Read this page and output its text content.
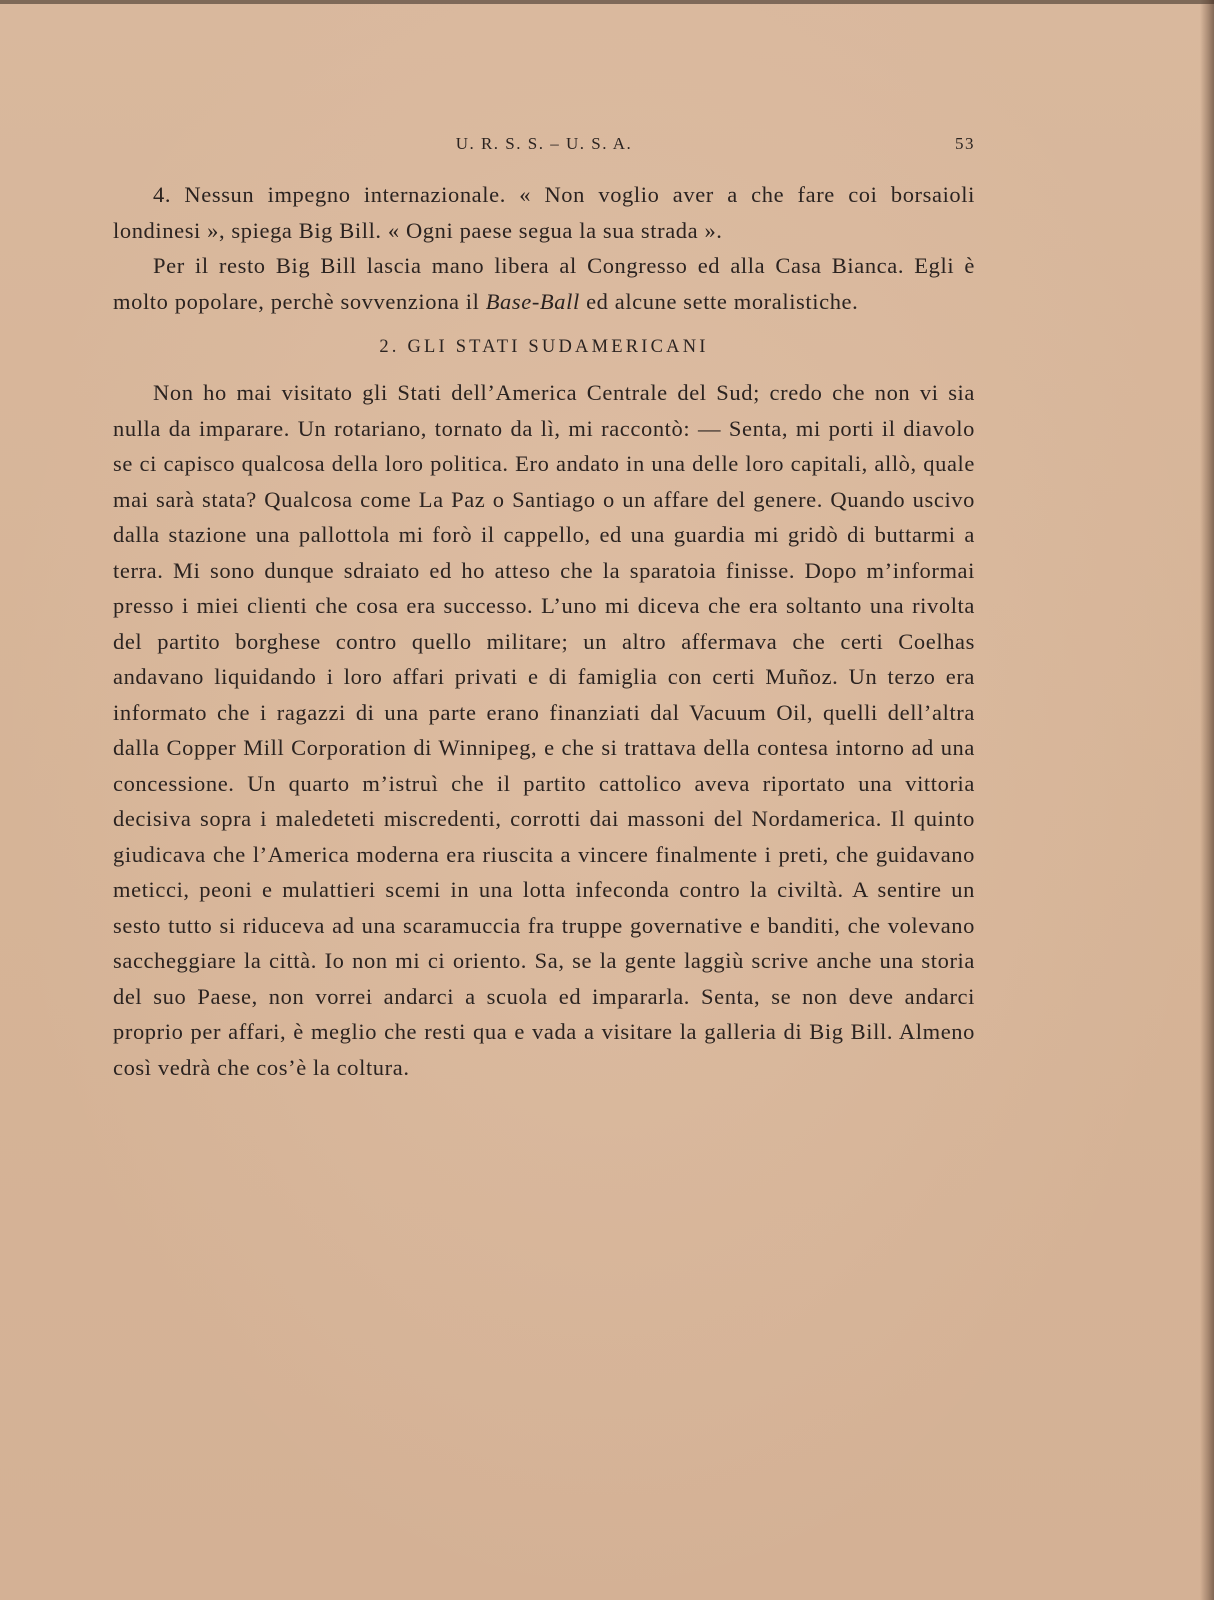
U. R. S. S. – U. S. A.	53

4. Nessun impegno internazionale. « Non voglio aver a che fare coi borsaioli londinesi », spiega Big Bill. « Ogni paese segua la sua strada ».

Per il resto Big Bill lascia mano libera al Congresso ed alla Casa Bianca. Egli è molto popolare, perchè sovvenziona il Base-Ball ed alcune sette moralistiche.

2. GLI STATI SUDAMERICANI

Non ho mai visitato gli Stati dell’America Centrale del Sud; credo che non vi sia nulla da imparare. Un rotariano, tornato da lì, mi raccontò: — Senta, mi porti il diavolo se ci capisco qualcosa della loro politica. Ero andato in una delle loro capitali, allò, quale mai sarà stata? Qualcosa come La Paz o Santiago o un affare del genere. Quando uscivo dalla stazione una pallottola mi forò il cappello, ed una guardia mi gridò di buttarmi a terra. Mi sono dunque sdraiato ed ho atteso che la sparatoia finisse. Dopo m’informai presso i miei clienti che cosa era successo. L’uno mi diceva che era soltanto una rivolta del partito borghese contro quello militare; un altro affermava che certi Coelhas andavano liquidando i loro affari privati e di famiglia con certi Muñoz. Un terzo era informato che i ragazzi di una parte erano finanziati dal Vacuum Oil, quelli dell’altra dalla Copper Mill Corporation di Winnipeg, e che si trattava della contesa intorno ad una concessione. Un quarto m’istruì che il partito cattolico aveva riportato una vittoria decisiva sopra i maledeteti miscredenti, corrotti dai massoni del Nordamerica. Il quinto giudicava che l’America moderna era riuscita a vincere finalmente i preti, che guidavano meticci, peoni e mulattieri scemi in una lotta infeconda contro la civiltà. A sentire un sesto tutto si riduceva ad una scaramuccia fra truppe governative e banditi, che volevano saccheggiare la città. Io non mi ci oriento. Sa, se la gente laggiù scrive anche una storia del suo Paese, non vorrei andarci a scuola ed impararla. Senta, se non deve andarci proprio per affari, è meglio che resti qua e vada a visitare la galleria di Big Bill. Almeno così vedrà che cos’è la coltura.
